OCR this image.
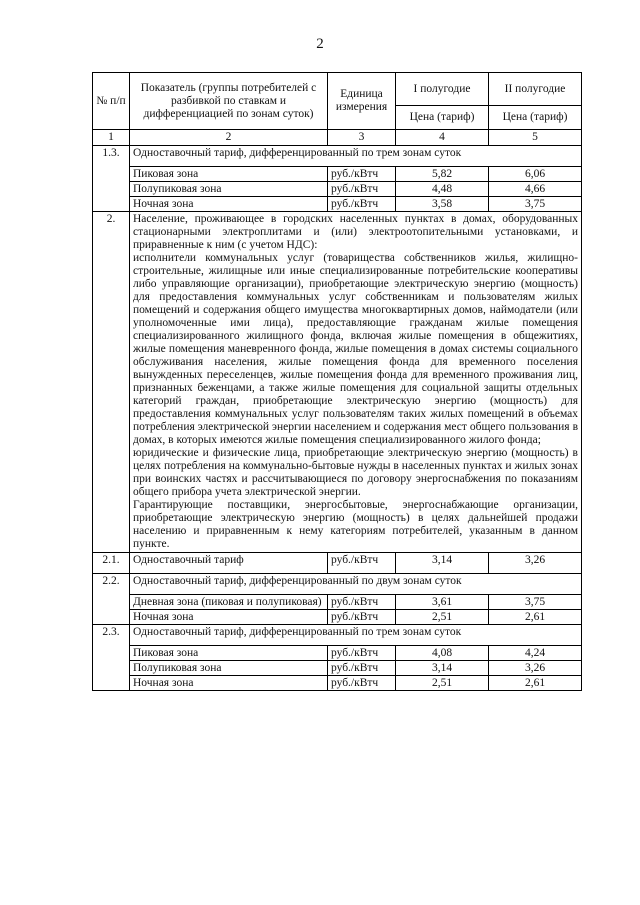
2
№ п/п	Показатель (группы потребителей с разбивкой по ставкам и дифференциацией по зонам суток)	Единица измерения	I полугодие	II полугодие
			Цена (тариф)	Цена (тариф)
1	2	3	4	5
1.3.	Одноставочный тариф, дифференцированный по трем зонам суток			
	Пиковая зона	руб./кВтч	5,82	6,06
	Полупиковая зона	руб./кВтч	4,48	4,66
	Ночная зона	руб./кВтч	3,58	3,75
2.	Население, проживающее в городских населенных пунктах в домах, оборудованных стационарными электроплитами и (или) электроотопительными установками, и приравненные к ним (с учетом НДС):

исполнители коммунальных услуг (товарищества собственников жилья, жилищно-строительные, жилищные или иные специализированные потребительские кооперативы либо управляющие организации), приобретающие электрическую энергию (мощность) для предоставления коммунальных услуг собственникам и пользователям жилых помещений и содержания общего имущества многоквартирных домов, наймодатели (или уполномоченные ими лица), предоставляющие гражданам жилые помещения специализированного жилищного фонда, включая жилые помещения в общежитиях, жилые помещения маневренного фонда, жилые помещения в домах системы социального обслуживания населения, жилые помещения фонда для временного поселения вынужденных переселенцев, жилые помещения фонда для временного проживания лиц, признанных беженцами, а также жилые помещения для социальной защиты отдельных категорий граждан, приобретающие электрическую энергию (мощность) для предоставления коммунальных услуг пользователям таких жилых помещений в объемах потребления электрической энергии населением и содержания мест общего пользования в домах, в которых имеются жилые помещения специализированного жилого фонда;

юридические и физические лица, приобретающие электрическую энергию (мощность) в целях потребления на коммунально-бытовые нужды в населенных пунктах и жилых зонах при воинских частях и рассчитывающиеся по договору энергоснабжения по показаниям общего прибора учета электрической энергии.

Гарантирующие поставщики, энергосбытовые, энергоснабжающие организации, приобретающие электрическую энергию (мощность) в целях дальнейшей продажи населению и приравненным к нему категориям потребителей, указанным в данном пункте.			

2.1.	Одноставочный тариф	руб./кВтч	3,14	3,26
2.2.	Одноставочный тариф, дифференцированный по двум зонам суток			
	Дневная зона (пиковая и полупиковая)	руб./кВтч	3,61	3,75
	Ночная зона	руб./кВтч	2,51	2,61
2.3.	Одноставочный тариф, дифференцированный по трем зонам суток			
	Пиковая зона	руб./кВтч	4,08	4,24
	Полупиковая зона	руб./кВтч	3,14	3,26
	Ночная зона	руб./кВтч	2,51	2,61
